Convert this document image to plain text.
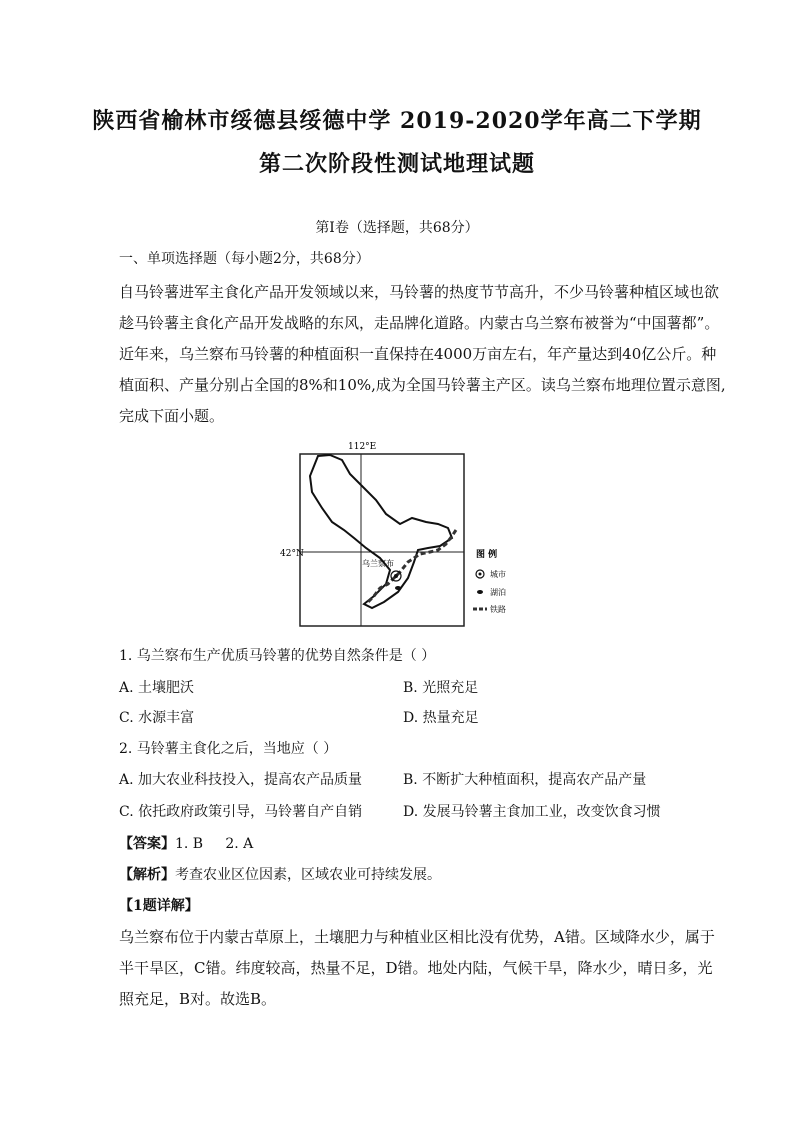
陕西省榆林市绥德县绥德中学 2019-2020学年高二下学期
第二次阶段性测试地理试题
第Ⅰ卷（选择题，共68分）
一、单项选择题（每小题2分，共68分）
自马铃薯进军主食化产品开发领域以来，马铃薯的热度节节高升，不少马铃薯种植区域也欲
趁马铃薯主食化产品开发战略的东风，走品牌化道路。内蒙古乌兰察布被誉为“中国薯都”。
近年来，乌兰察布马铃薯的种植面积一直保持在4000万亩左右，年产量达到40亿公斤。种
植面积、产量分别占全国的8%和10%,成为全国马铃薯主产区。读乌兰察布地理位置示意图,
完成下面小题。
112°E
42°N
乌兰察布
图 例
城市
湖泊
铁路
1. 乌兰察布生产优质马铃薯的优势自然条件是（ ）
A. 土壤肥沃	B. 光照充足
C. 水源丰富	D. 热量充足
2. 马铃薯主食化之后，当地应（ ）
A. 加大农业科技投入，提高农产品质量	B. 不断扩大种植面积，提高农产品产量
C. 依托政府政策引导，马铃薯自产自销	D. 发展马铃薯主食加工业，改变饮食习惯
【答案】1. B     2. A
【解析】考查农业区位因素，区域农业可持续发展。
【1题详解】
乌兰察布位于内蒙古草原上，土壤肥力与种植业区相比没有优势，A错。区域降水少，属于
半干旱区，C错。纬度较高，热量不足，D错。地处内陆，气候干旱，降水少，晴日多，光
照充足，B对。故选B。
